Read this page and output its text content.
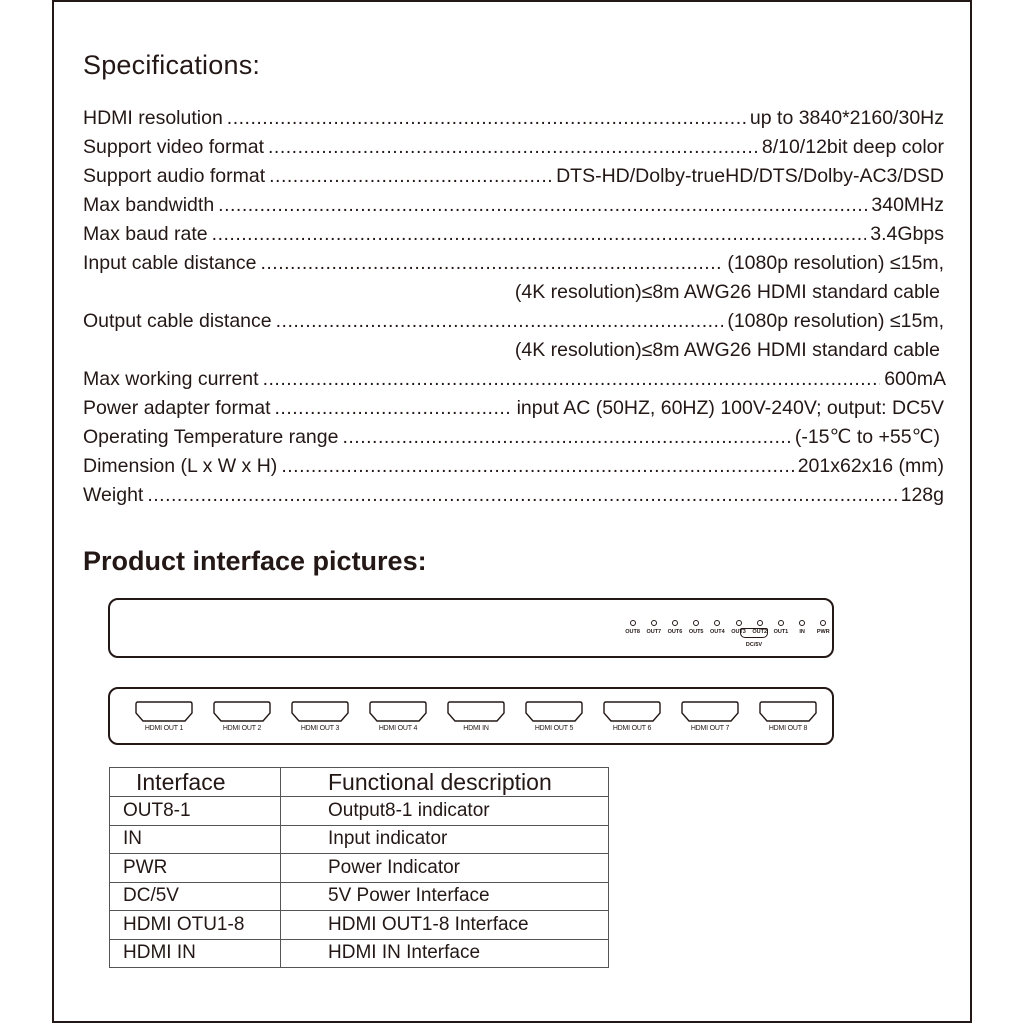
Specifications:
HDMI resolution .....	up to 3840*2160/30Hz
Support video format .....	8/10/12bit deep color
Support audio format .....	DTS-HD/Dolby-trueHD/DTS/Dolby-AC3/DSD
Max bandwidth .....	340MHz
Max baud rate .....	3.4Gbps
Input cable distance .....	(1080p resolution) ≤15m,
(4K resolution)≤8m AWG26 HDMI standard cable
Output cable distance .....	(1080p resolution) ≤15m,
(4K resolution)≤8m AWG26 HDMI standard cable
Max working current .....	600mA
Power adapter format .....	input AC (50HZ, 60HZ) 100V-240V; output: DC5V
Operating Temperature range .....	(-15℃ to +55℃)
Dimension (L x W x H) .....	201x62x16 (mm)
Weight .....	128g
Product interface pictures:
OUT8 OUT7 OUT6 OUT5 OUT4 OUT3 OUT2 OUT1 IN PWR
DC/5V
HDMI OUT 1	HDMI OUT 2	HDMI OUT 3	HDMI OUT 4	HDMI IN	HDMI OUT 5	HDMI OUT 6	HDMI OUT 7	HDMI OUT 8
Interface	Functional description
OUT8-1	Output8-1 indicator
IN	Input indicator
PWR	Power Indicator
DC/5V	5V Power Interface
HDMI OTU1-8	HDMI OUT1-8 Interface
HDMI IN	HDMI IN Interface
